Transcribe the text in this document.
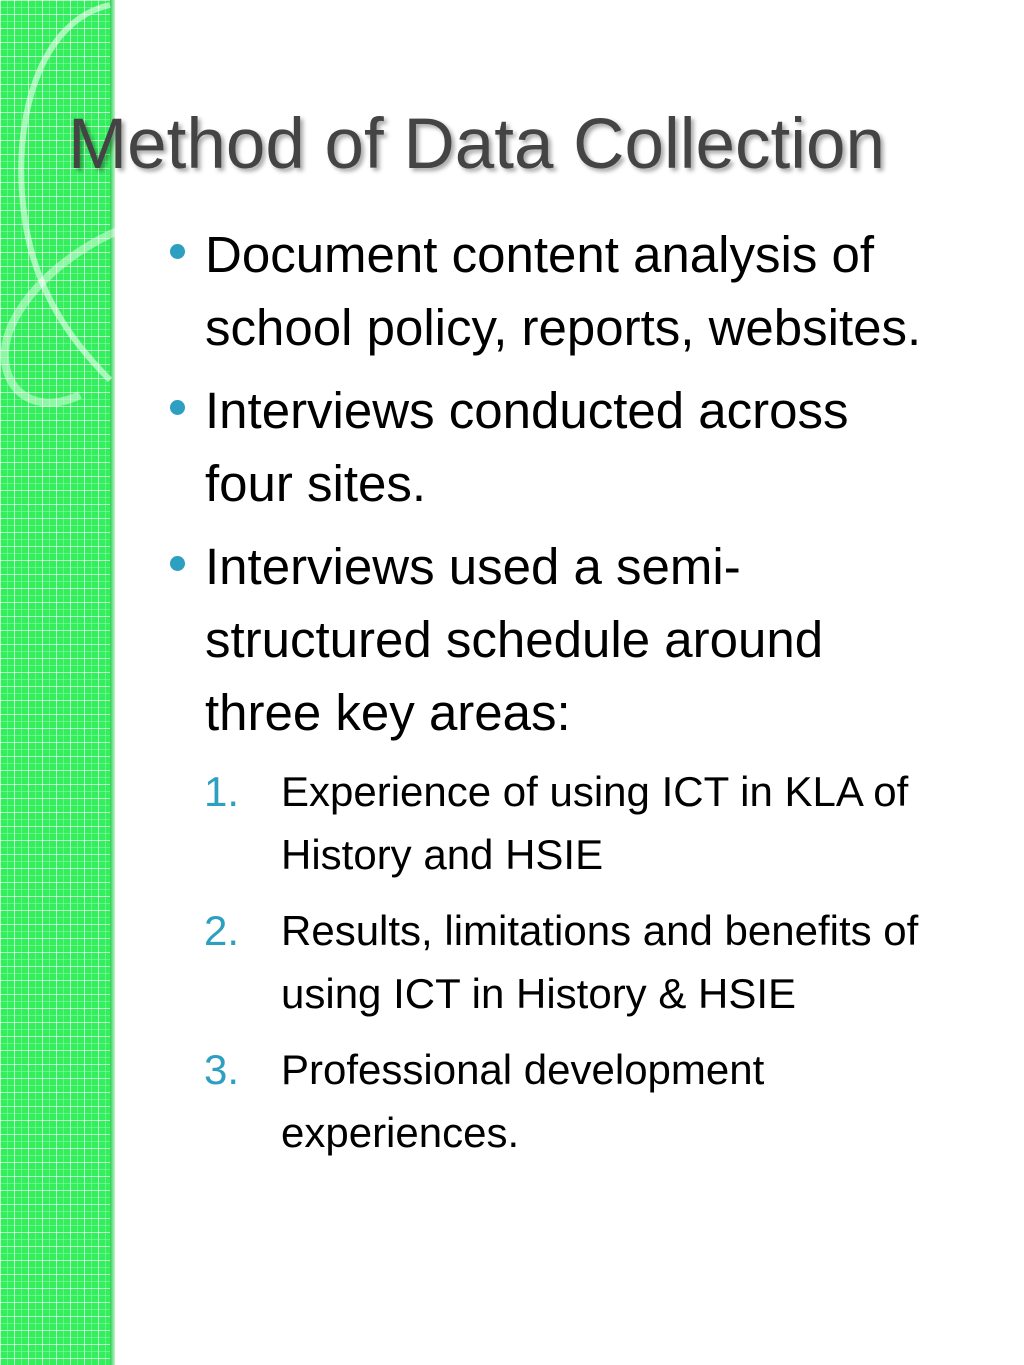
Method of Data Collection
Document content analysis of school policy, reports, websites.
Interviews conducted across four sites.
Interviews used a semi-structured schedule around three key areas:
1. Experience of using ICT in KLA of History and HSIE
2. Results, limitations and benefits of using ICT in History & HSIE
3. Professional development experiences.
